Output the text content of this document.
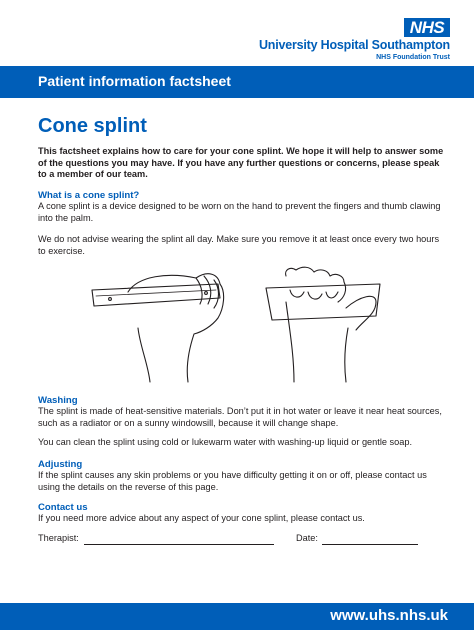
NHS
University Hospital Southampton
NHS Foundation Trust
Patient information factsheet
Cone splint
This factsheet explains how to care for your cone splint. We hope it will help to answer some of the questions you may have. If you have any further questions or concerns, please speak to a member of our team.
What is a cone splint?
A cone splint is a device designed to be worn on the hand to prevent the fingers and thumb clawing into the palm.
We do not advise wearing the splint all day. Make sure you remove it at least once every two hours to exercise.
Washing
The splint is made of heat-sensitive materials. Don’t put it in hot water or leave it near heat sources, such as a radiator or on a sunny windowsill, because it will change shape.
You can clean the splint using cold or lukewarm water with washing-up liquid or gentle soap.
Adjusting
If the splint causes any skin problems or you have difficulty getting it on or off, please contact us using the details on the reverse of this page.
Contact us
If you need more advice about any aspect of your cone splint, please contact us.
Therapist:	Date:
www.uhs.nhs.uk
